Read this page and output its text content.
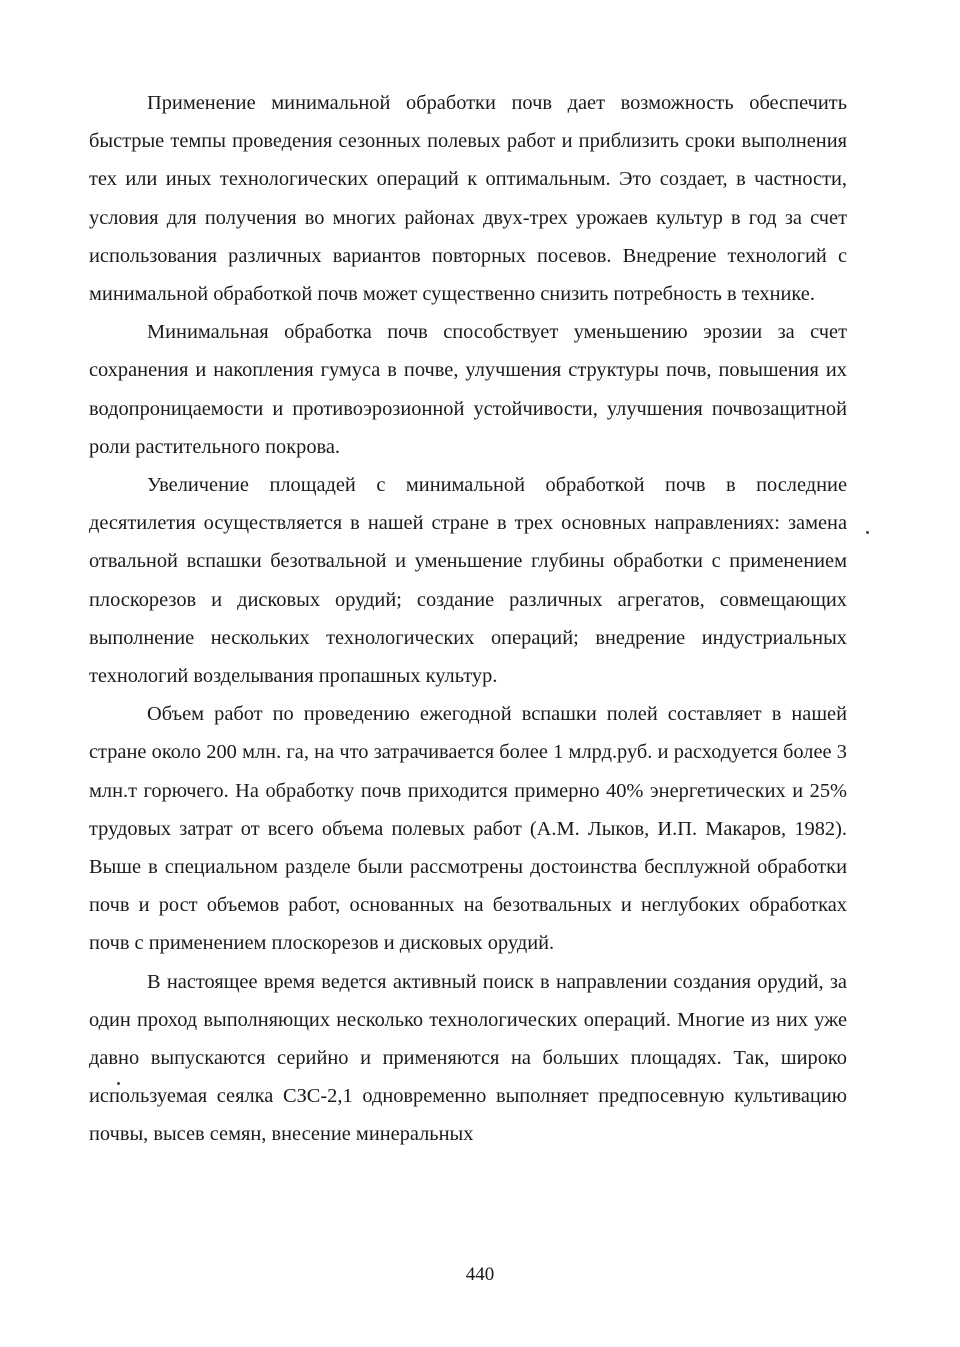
Применение минимальной обработки почв дает возможность обеспечить быстрые темпы проведения сезонных полевых работ и приблизить сроки выполнения тех или иных технологических операций к оптимальным. Это создает, в частности, условия для получения во многих районах двух-трех урожаев культур в год за счет использования различных вариантов повторных посевов. Внедрение технологий с минимальной обработкой почв может существенно снизить потребность в технике.

Минимальная обработка почв способствует уменьшению эрозии за счет сохранения и накопления гумуса в почве, улучшения структуры почв, повышения их водопроницаемости и противоэрозионной устойчивости, улучшения почвозащитной роли растительного покрова.

Увеличение площадей с минимальной обработкой почв в последние десятилетия осуществляется в нашей стране в трех основных направлениях: замена отвальной вспашки безотвальной и уменьшение глубины обработки с применением плоскорезов и дисковых орудий; создание различных агрегатов, совмещающих выполнение нескольких технологических операций; внедрение индустриальных технологий возделывания пропашных культур.

Объем работ по проведению ежегодной вспашки полей составляет в нашей стране около 200 млн. га, на что затрачивается более 1 млрд.руб. и расходуется более 3 млн.т горючего. На обработку почв приходится примерно 40% энергетических и 25% трудовых затрат от всего объема полевых работ (А.М. Лыков, И.П. Макаров, 1982). Выше в специальном разделе были рассмотрены достоинства бесплужной обработки почв и рост объемов работ, основанных на безотвальных и неглубоких обработках почв с применением плоскорезов и дисковых орудий.

В настоящее время ведется активный поиск в направлении создания орудий, за один проход выполняющих несколько технологических операций. Многие из них уже давно выпускаются серийно и применяются на больших площадях. Так, широко используемая сеялка СЗС-2,1 одновременно выполняет предпосевную культивацию почвы, высев семян, внесение минеральных

440
